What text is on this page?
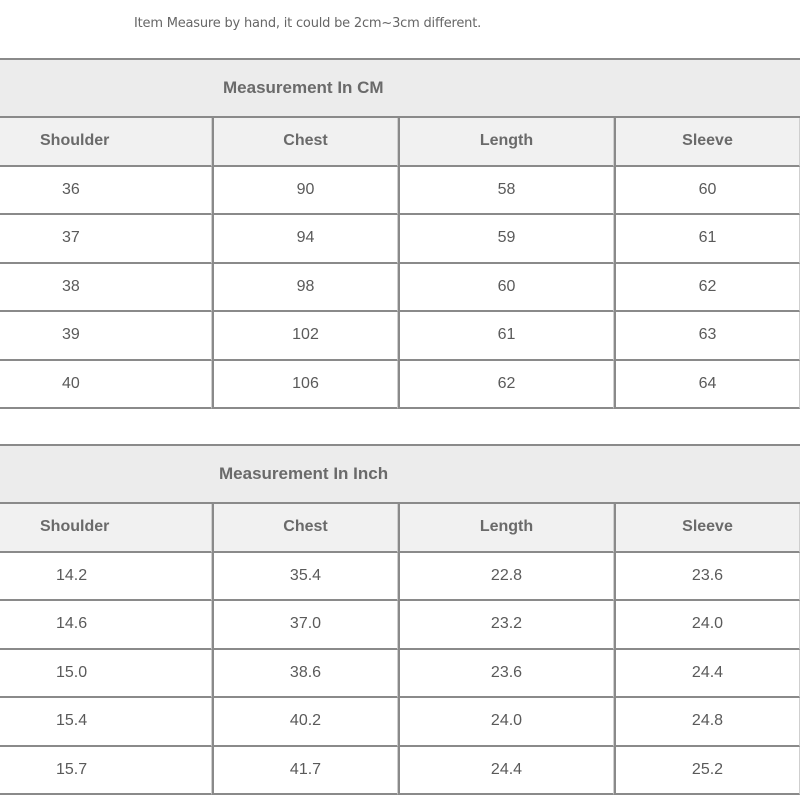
Item Measure by hand, it could be 2cm~3cm different.
Measurement In CM
Shoulder	Chest	Length	Sleeve
36	90	58	60
37	94	59	61
38	98	60	62
39	102	61	63
40	106	62	64
Measurement In Inch
Shoulder	Chest	Length	Sleeve
14.2	35.4	22.8	23.6
14.6	37.0	23.2	24.0
15.0	38.6	23.6	24.4
15.4	40.2	24.0	24.8
15.7	41.7	24.4	25.2
